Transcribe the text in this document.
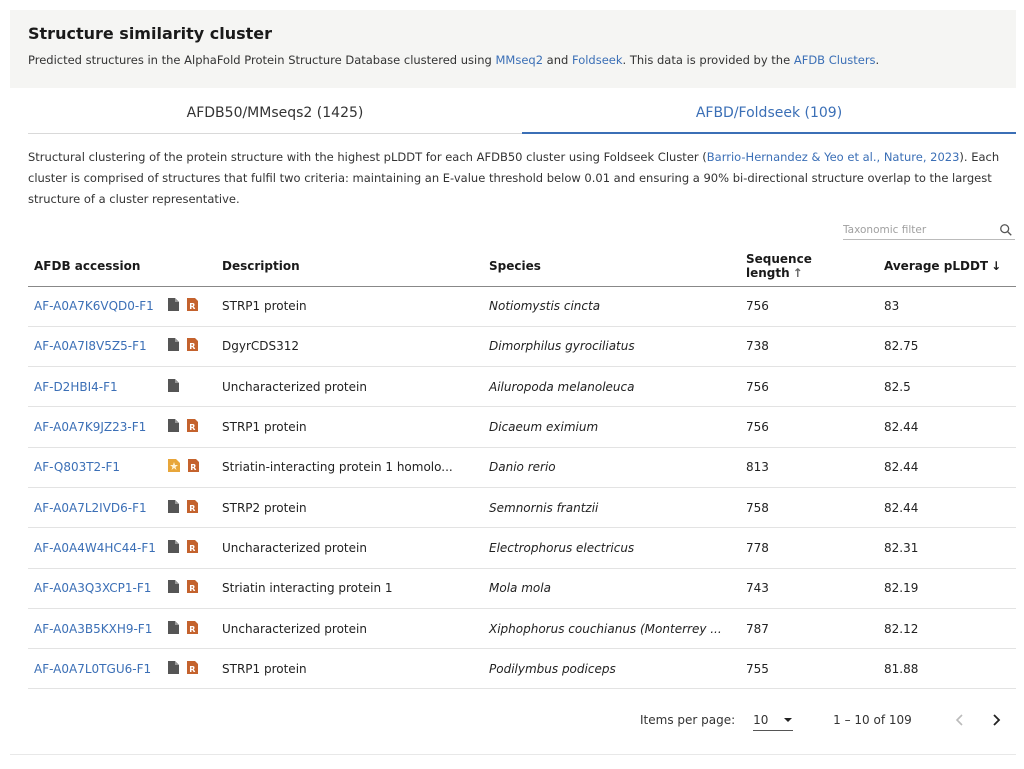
Structure similarity cluster
Predicted structures in the AlphaFold Protein Structure Database clustered using MMseq2 and Foldseek. This data is provided by the AFDB Clusters.
AFDB50/MMseqs2 (1425)	AFBD/Foldseek (109)
Structural clustering of the protein structure with the highest pLDDT for each AFDB50 cluster using Foldseek Cluster (Barrio-Hernandez & Yeo et al., Nature, 2023). Each cluster is comprised of structures that fulfil two criteria: maintaining an E-value threshold below 0.01 and ensuring a 90% bi-directional structure overlap to the largest structure of a cluster representative.
Taxonomic filter
AFDB accession		Description	Species	Sequence length ↑	Average pLDDT ↓
AF-A0A7K6VQD0-F1	R	STRP1 protein	Notiomystis cincta	756	83
AF-A0A7I8V5Z5-F1	R	DgyrCDS312	Dimorphilus gyrociliatus	738	82.75
AF-D2HBI4-F1		Uncharacterized protein	Ailuropoda melanoleuca	756	82.5
AF-A0A7K9JZ23-F1	R	STRP1 protein	Dicaeum eximium	756	82.44
AF-Q803T2-F1	R	Striatin-interacting protein 1 homolo...	Danio rerio	813	82.44
AF-A0A7L2IVD6-F1	R	STRP2 protein	Semnornis frantzii	758	82.44
AF-A0A4W4HC44-F1	R	Uncharacterized protein	Electrophorus electricus	778	82.31
AF-A0A3Q3XCP1-F1	R	Striatin interacting protein 1	Mola mola	743	82.19
AF-A0A3B5KXH9-F1	R	Uncharacterized protein	Xiphophorus couchianus (Monterrey ...	787	82.12
AF-A0A7L0TGU6-F1	R	STRP1 protein	Podilymbus podiceps	755	81.88
Items per page: 10	1 – 10 of 109
